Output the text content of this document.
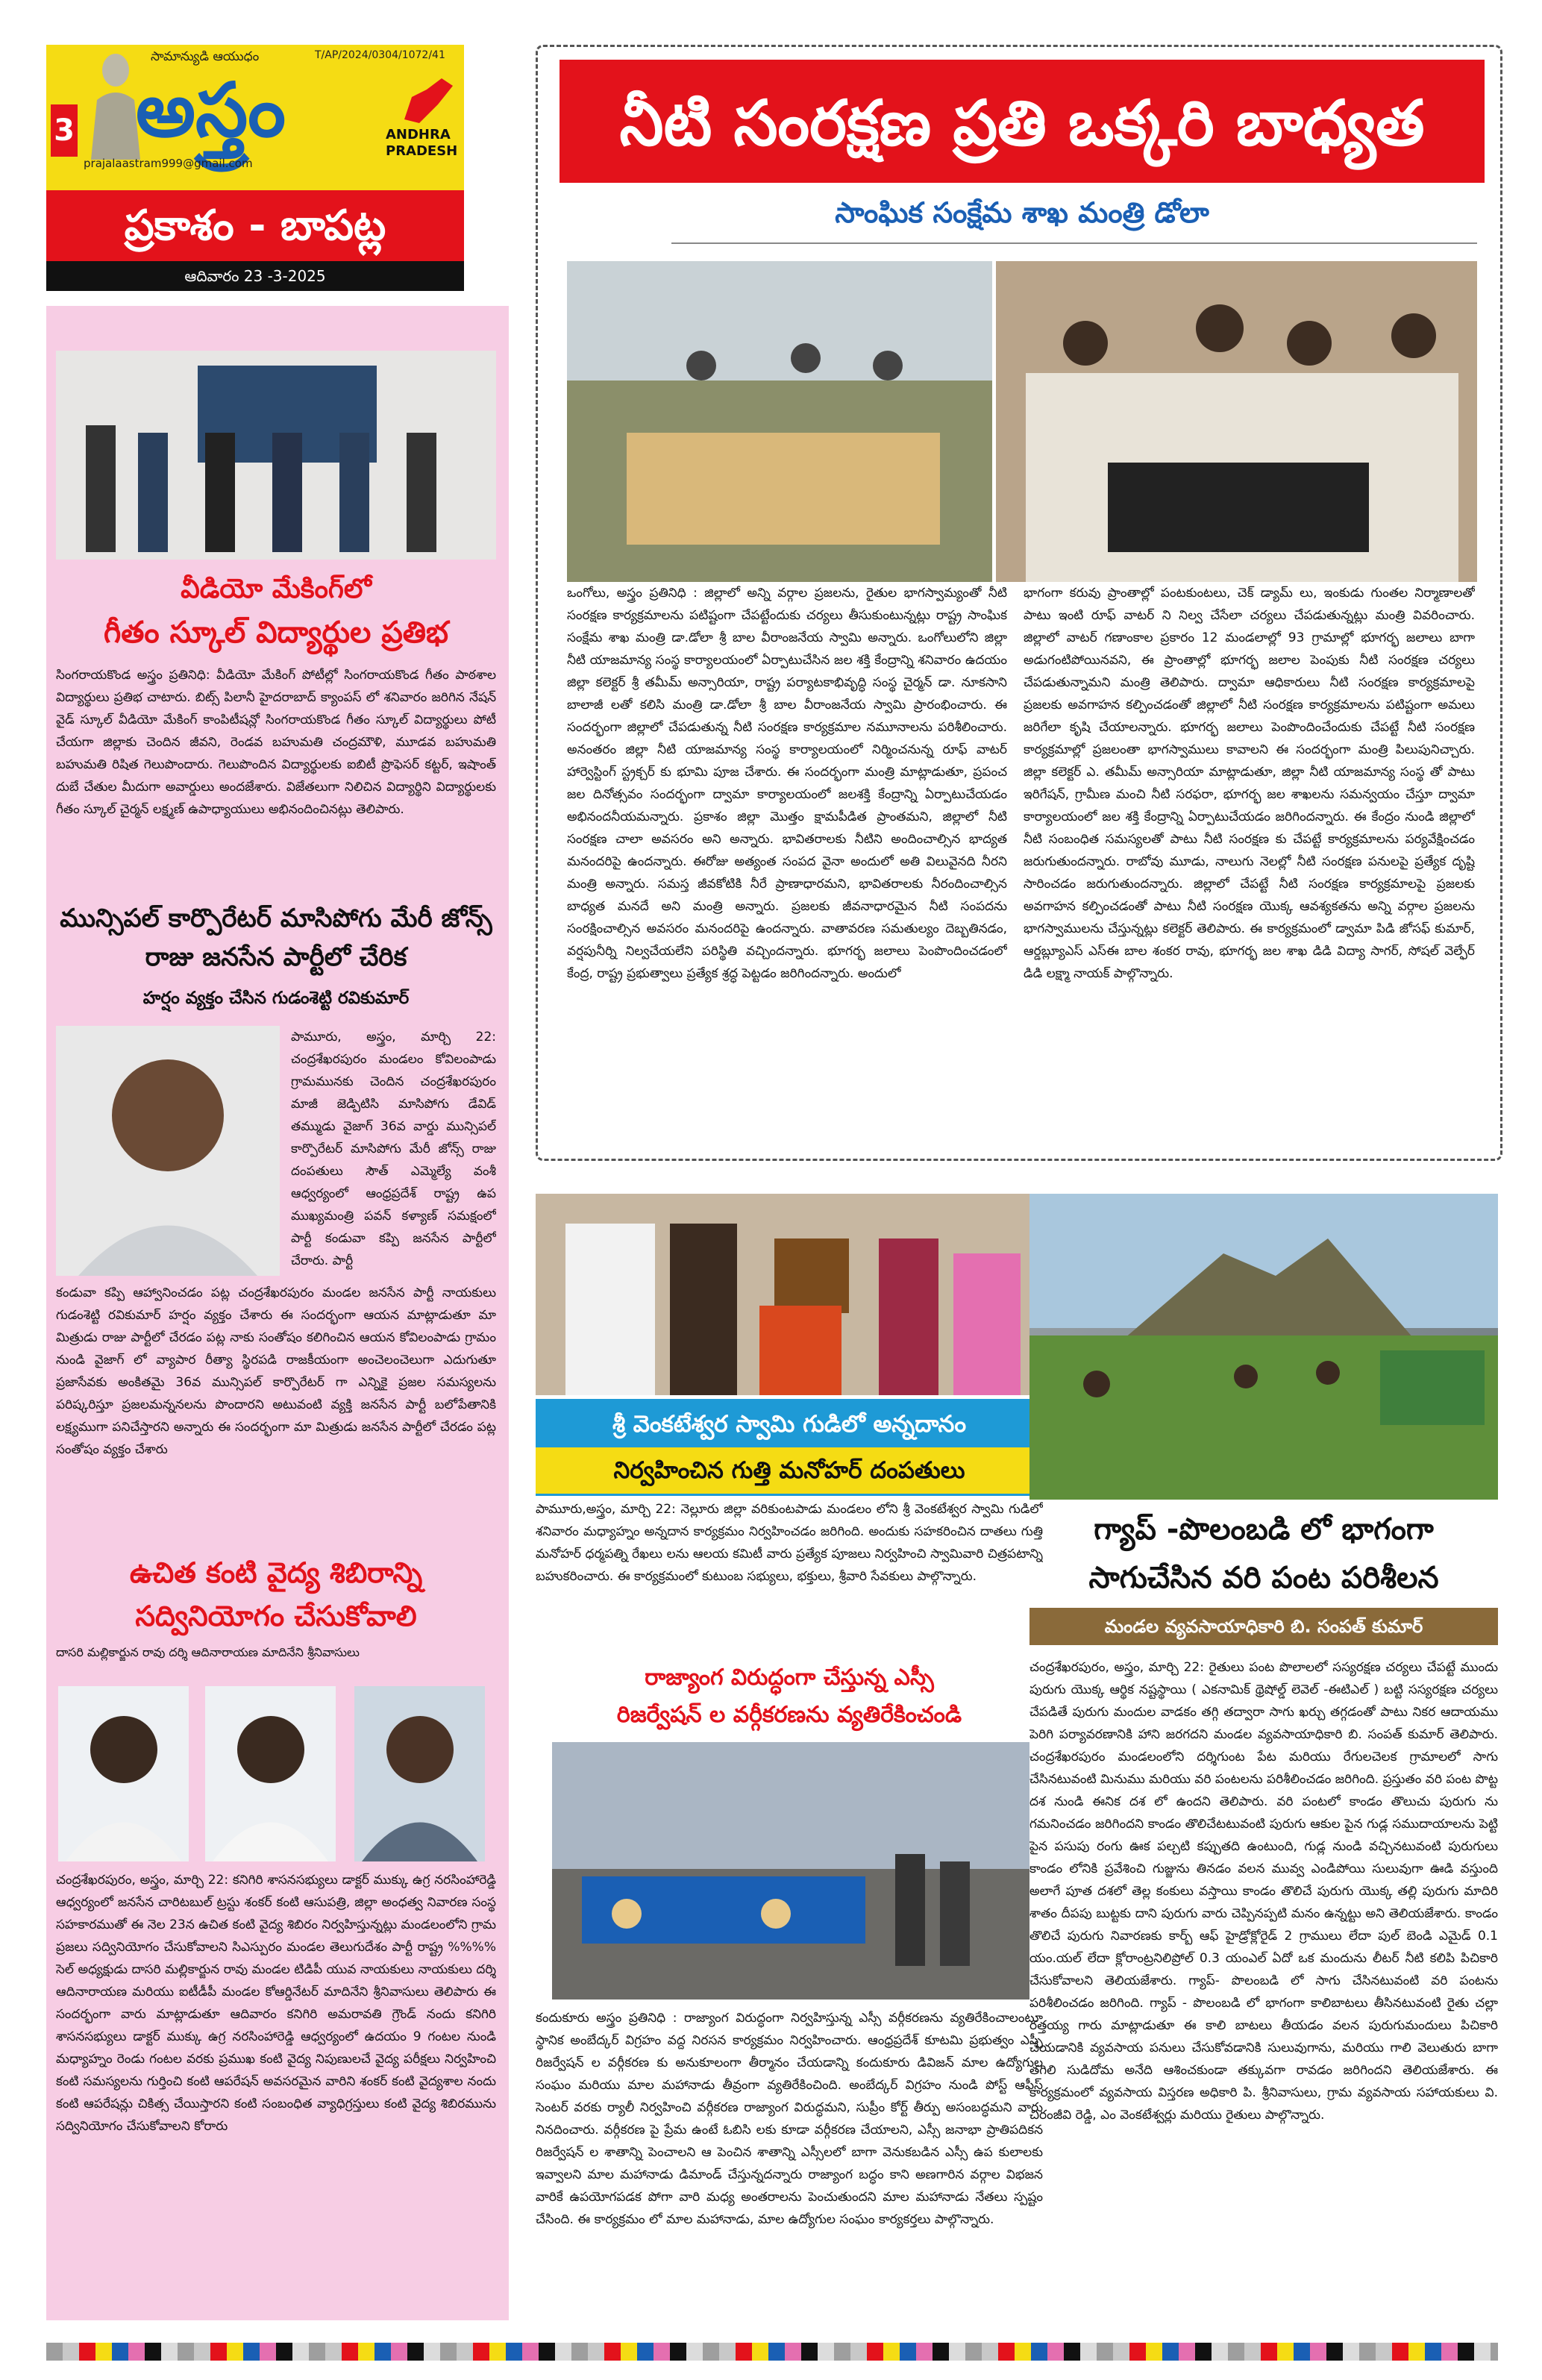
3
సామాన్యుడి ఆయుధం	T/AP/2024/0304/1072/41
అస్త్రం	ANDHRA PRADESH
prajalaastram999@gmail.com
ప్రకాశం - బాపట్ల
ఆదివారం 23 -3-2025
నీటి సంరక్షణ ప్రతి ఒక్కరి బాధ్యత
సాంఘిక సంక్షేమ శాఖ మంత్రి డోలా
ఒంగోలు, అస్త్రం ప్రతినిధి : జిల్లాలో అన్ని వర్గాల ప్రజలను, రైతుల భాగస్వామ్యంతో నీటి సంరక్షణ కార్యక్రమాలను పటిష్టంగా చేపట్టేందుకు చర్యలు తీసుకుంటున్నట్లు రాష్ట్ర సాంఘిక సంక్షేమ శాఖ మంత్రి డా.డోలా శ్రీ బాల వీరాంజనేయ స్వామి అన్నారు. ఒంగోలులోని జిల్లా నీటి యాజమాన్య సంస్థ కార్యాలయంలో ఏర్పాటుచేసిన జల శక్తి కేంద్రాన్ని శనివారం ఉదయం జిల్లా కలెక్టర్ శ్రీ తమీమ్ అన్సారియా, రాష్ట్ర పర్యాటకాభివృద్ధి సంస్థ చైర్మన్ డా. నూకసాని బాలాజీ లతో కలిసి మంత్రి డా.డోలా శ్రీ బాల వీరాంజనేయ స్వామి ప్రారంభించారు. ఈ సందర్భంగా జిల్లాలో చేపడుతున్న నీటి సంరక్షణ కార్యక్రమాల నమూనాలను పరిశీలించారు. అనంతరం జిల్లా నీటి యాజమాన్య సంస్థ కార్యాలయంలో నిర్మించనున్న రూఫ్ వాటర్ హార్వెస్టింగ్ స్ట్రక్చర్ కు భూమి పూజ చేశారు. ఈ సందర్భంగా మంత్రి మాట్లాడుతూ, ప్రపంచ జల దినోత్సవం సందర్భంగా ద్వామా కార్యాలయంలో జలశక్తి కేంద్రాన్ని ఏర్పాటుచేయడం అభినందనీయమన్నారు. ప్రకాశం జిల్లా మొత్తం క్షామపీడిత ప్రాంతమని, జిల్లాలో నీటి సంరక్షణ చాలా అవసరం అని అన్నారు. భావితరాలకు నీటిని అందించాల్సిన భాద్యత మనందరిపై ఉందన్నారు. ఈరోజు అత్యంత సంపద వైనా అందులో అతి విలువైనది నీరని మంత్రి అన్నారు. సమస్త జీవకోటికి నీరే ప్రాణాధారమని, భావితరాలకు నీరందించాల్సిన బాధ్యత మనదే అని మంత్రి అన్నారు. ప్రజలకు జీవనాధారమైన నీటి సంపదను సంరక్షించాల్సిన అవసరం మనందరిపై ఉందన్నారు. వాతావరణ సమతుల్యం దెబ్బతినడం, వర్షపునీర్ని నిల్వచేయలేని పరిస్థితి వచ్చిందన్నారు. భూగర్భ జలాలు పెంపొందించడంలో కేంద్ర, రాష్ట్ర ప్రభుత్వాలు ప్రత్యేక శ్రద్ధ పెట్టడం జరిగిందన్నారు. అందులో
భాగంగా కరువు ప్రాంతాల్లో పంటకుంటలు, చెక్ డ్యామ్ లు, ఇంకుడు గుంతల నిర్మాణాలతో పాటు ఇంటి రూఫ్ వాటర్ ని నిల్వ చేసేలా చర్యలు చేపడుతున్నట్లు మంత్రి వివరించారు. జిల్లాలో వాటర్ గణాంకాల ప్రకారం 12 మండలాల్లో 93 గ్రామాల్లో భూగర్భ జలాలు బాగా అడుగంటిపోయినవని, ఈ ప్రాంతాల్లో భూగర్భ జలాల పెంపుకు నీటి సంరక్షణ చర్యలు చేపడుతున్నామని మంత్రి తెలిపారు. ద్వామా ఆధికారులు నీటి సంరక్షణ కార్యక్రమాలపై ప్రజలకు అవగాహన కల్పించడంతో జిల్లాలో నీటి సంరక్షణ కార్యక్రమాలను పటిష్టంగా అమలు జరిగేలా కృషి చేయాలన్నారు. భూగర్భ జలాలు పెంపొందించేందుకు చేపట్టే నీటి సంరక్షణ కార్యక్రమాల్లో ప్రజలంతా భాగస్వాములు కావాలని ఈ సందర్భంగా మంత్రి పిలుపునిచ్చారు. జిల్లా కలెక్టర్ ఎ. తమీమ్ అన్సారియా మాట్లాడుతూ, జిల్లా నీటి యాజమాన్య సంస్థ తో పాటు ఇరిగేషన్, గ్రామీణ మంచి నీటి సరఫరా, భూగర్భ జల శాఖలను సమన్వయం చేస్తూ ద్వామా కార్యాలయంలో జల శక్తి కేంద్రాన్ని ఏర్పాటుచేయడం జరిగిందన్నారు. ఈ కేంద్రం నుండి జిల్లాలో నీటి సంబంధిత సమస్యలతో పాటు నీటి సంరక్షణ కు చేపట్టే కార్యక్రమాలను పర్యవేక్షించడం జరుగుతుందన్నారు. రాబోవు మూడు, నాలుగు నెలల్లో నీటి సంరక్షణ పనులపై ప్రత్యేక దృష్టి సారించడం జరుగుతుందన్నారు. జిల్లాలో చేపట్టే నీటి సంరక్షణ కార్యక్రమాలపై ప్రజలకు అవగాహన కల్పించడంతో పాటు నీటి సంరక్షణ యొక్క ఆవశ్యకతను అన్ని వర్గాల ప్రజలను భాగస్వాములను చేస్తున్నట్లు కలెక్టర్ తెలిపారు. ఈ కార్యక్రమంలో డ్వామా పిడి జోసఫ్ కుమార్, ఆర్డబ్ల్యూఎస్ ఎస్ఈ బాల శంకర రావు, భూగర్భ జల శాఖ డిడి విద్యా సాగర్, సోషల్ వెల్ఫేర్ డిడి లక్ష్మా నాయక్ పాల్గొన్నారు.
వీడియో మేకింగ్‌లో
గీతం స్కూల్ విద్యార్థుల ప్రతిభ
సింగరాయకొండ అస్త్రం ప్రతినిధి: వీడియో మేకింగ్ పోటీల్లో సింగరాయకొండ గీతం పాఠశాల విద్యార్థులు ప్రతిభ చాటారు. బిట్స్ పిలానీ హైదరాబాద్ క్యాంపస్ లో శనివారం జరిగిన నేషన్ వైడ్ స్కూల్ వీడియో మేకింగ్ కాంపిటీషన్లో సింగరాయకొండ గీతం స్కూల్ విద్యార్థులు పోటీ చేయగా జిల్లాకు చెందిన జీవని, రెండవ బహుమతి చంద్రమౌళి, మూడవ బహుమతి బహుమతి రిషిత గెలుపొందారు. గెలుపొందిన విద్యార్థులకు ఐబిటీ ప్రొఫెసర్ కట్టర్, ఇషాంత్ దుబే చేతుల మీదుగా అవార్డులు అందజేశారు. విజేతలుగా నిలిచిన విద్యార్థిని విద్యార్థులకు గీతం స్కూల్ చైర్మన్ లక్ష్మణ్ ఉపాధ్యాయులు అభినందించినట్లు తెలిపారు.
మున్సిపల్ కార్పొరేటర్ మాసిపోగు మేరీ జోన్స్ రాజు జనసేన పార్టీలో చేరిక
హర్షం వ్యక్తం చేసిన గుడంశెట్టి రవికుమార్
పామూరు, అస్త్రం, మార్చి 22: చంద్రశేఖరపురం మండలం కోవిలంపాడు గ్రామమునకు చెందిన చంద్రశేఖరపురం మాజీ జెడ్పిటిసి మాసిపోగు డేవిడ్ తమ్ముడు వైజాగ్ 36వ వార్డు మున్సిపల్ కార్పొరేటర్ మాసిపోగు మేరీ జోన్స్ రాజు దంపతులు సౌత్ ఎమ్మెల్యే వంశీ ఆధ్వర్యంలో ఆంధ్రప్రదేశ్ రాష్ట్ర ఉప ముఖ్యమంత్రి పవన్ కళ్యాణ్ సమక్షంలో పార్టీ కండువా కప్పి జనసేన పార్టీలో చేరారు. పార్టీ
కండువా కప్పి ఆహ్వానించడం పట్ల చంద్రశేఖరపురం మండల జనసేన పార్టీ నాయకులు గుడంశెట్టి రవికుమార్ హర్షం వ్యక్తం చేశారు ఈ సందర్భంగా ఆయన మాట్లాడుతూ మా మిత్రుడు రాజు పార్టీలో చేరడం పట్ల నాకు సంతోషం కలిగించిన ఆయన కోవిలంపాడు గ్రామం నుండి వైజాగ్ లో వ్యాపార రీత్యా స్థిరపడి రాజకీయంగా అంచెలంచెలుగా ఎదుగుతూ ప్రజాసేవకు అంకితమై 36వ మున్సిపల్ కార్పొరేటర్ గా ఎన్నికై ప్రజల సమస్యలను పరిష్కరిస్తూ ప్రజలమన్ననలను పొందారని అటువంటి వ్యక్తి జనసేన పార్టీ బలోపేతానికి లక్ష్యముగా పనిచేస్తారని అన్నారు ఈ సందర్భంగా మా మిత్రుడు జనసేన పార్టీలో చేరడం పట్ల సంతోషం వ్యక్తం చేశారు
ఉచిత కంటి వైద్య శిబిరాన్ని
సద్వినియోగం చేసుకోవాలి
దాసరి మల్లికార్జున రావు దర్శి ఆదినారాయణ మాదినేని శ్రీనివాసులు
చంద్రశేఖరపురం, అస్త్రం, మార్చి 22: కనిగిరి శాసనసభ్యులు డాక్టర్ ముక్కు ఉగ్ర నరసింహారెడ్డి ఆధ్వర్యంలో జనసేన చారిటబుల్ ట్రస్టు శంకర్ కంటి ఆసుపత్రి, జిల్లా అంధత్వ నివారణ సంస్థ సహకారముతో ఈ నెల 23న ఉచిత కంటి వైద్య శిబిరం నిర్వహిస్తున్నట్లు మండలంలోని గ్రామ ప్రజలు సద్వినియోగం చేసుకోవాలని సిఎస్పురం మండల తెలుగుదేశం పార్టీ రాష్ట్ర %%%% సెల్ అధ్యక్షుడు దాసరి మల్లికార్జున రావు మండల టిడిపీ యువ నాయకులు నాయకులు దర్శి ఆదినారాయణ మరియు ఐటీడీపీ మండల కోఆర్డినేటర్ మాదినేని శ్రీనివాసులు తెలిపారు ఈ సందర్భంగా వారు మాట్లాడుతూ ఆదివారం కనిగిరి అమరావతి గ్రౌండ్ నందు కనిగిరి శాసనసభ్యులు డాక్టర్ ముక్కు ఉగ్ర నరసింహారెడ్డి ఆధ్వర్యంలో ఉదయం 9 గంటల నుండి మధ్యాహ్నం రెండు గంటల వరకు ప్రముఖ కంటి వైద్య నిపుణులచే వైద్య పరీక్షలు నిర్వహించి కంటి సమస్యలను గుర్తించి కంటి ఆపరేషన్ అవసరమైన వారిని శంకర్ కంటి వైద్యశాల నందు కంటి ఆపరేషన్లు చికిత్స చేయిస్తారని కంటి సంబంధిత వ్యాధిగ్రస్తులు కంటి వైద్య శిబిరమును సద్వినియోగం చేసుకోవాలని కోరారు
శ్రీ వెంకటేశ్వర స్వామి గుడిలో అన్నదానం
నిర్వహించిన గుత్తి మనోహర్ దంపతులు
పామూరు,అస్త్రం, మార్చి 22: నెల్లూరు జిల్లా వరికుంటపాడు మండలం లోని శ్రీ వెంకటేశ్వర స్వామి గుడిలో శనివారం మధ్యాహ్నం అన్నదాన కార్యక్రమం నిర్వహించడం జరిగింది. అందుకు సహకరించిన దాతలు గుత్తి మనోహర్ ధర్మపత్ని రేఖలు లను ఆలయ కమిటీ వారు ప్రత్యేక పూజలు నిర్వహించి స్వామివారి చిత్రపటాన్ని బహుకరించారు. ఈ కార్యక్రమంలో కుటుంబ సభ్యులు, భక్తులు, శ్రీవారి సేవకులు పాల్గొన్నారు.
రాజ్యాంగ విరుద్ధంగా చేస్తున్న ఎస్సీ
రిజర్వేషన్ ల వర్గీకరణను వ్యతిరేకించండి
కందుకూరు అస్త్రం ప్రతినిధి : రాజ్యాంగ విరుద్ధంగా నిర్వహిస్తున్న ఎస్సీ వర్గీకరణను వ్యతిరేకించాలంటూ స్థానిక అంబేద్కర్ విగ్రహం వద్ద నిరసన కార్యక్రమం నిర్వహించారు. ఆంధ్రప్రదేశ్ కూటమి ప్రభుత్వం ఎస్సీ రిజర్వేషన్ ల వర్గీకరణ కు అనుకూలంగా తీర్మానం చేయడాన్ని కందుకూరు డివిజన్ మాల ఉద్యోగుల సంఘం మరియు మాల మహానాడు తీవ్రంగా వ్యతిరేకించింది. అంబేద్కర్ విగ్రహం నుండి పోస్ట్ ఆఫీస్ సెంటర్ వరకు ర్యాలీ నిర్వహించి వర్గీకరణ రాజ్యాంగ విరుద్ధమని, సుప్రీం కోర్ట్ తీర్పు అసంబద్ధమని వారు నినదించారు. వర్గీకరణ పై ప్రేమ ఉంటే ఓబిసి లకు కూడా వర్గీకరణ చేయాలని, ఎస్సీ జనాభా ప్రాతిపదికన రిజర్వేషన్ ల శాతాన్ని పెంచాలని ఆ పెంచిన శాతాన్ని ఎస్సీలలో బాగా వెనుకబడిన ఎస్సీ ఉప కులాలకు ఇవ్వాలని మాల మహానాడు డిమాండ్ చేస్తున్నదన్నారు రాజ్యాంగ బద్ధం కాని అణగారిన వర్గాల విభజన వారికే ఉపయోగపడక పోగా వారి మధ్య అంతరాలను పెంచుతుందని మాల మహానాడు నేతలు స్పష్టం చేసింది. ఈ కార్యక్రమం లో మాల మహానాడు, మాల ఉద్యోగుల సంఘం కార్యకర్తలు పాల్గొన్నారు.
గ్యాప్ -పొలంబడి లో భాగంగా
సాగుచేసిన వరి పంట పరిశీలన
మండల వ్యవసాయాధికారి బి. సంపత్ కుమార్
చంద్రశేఖరపురం, అస్త్రం, మార్చి 22: రైతులు పంట పొలాలలో సస్యరక్షణ చర్యలు చేపట్టే ముందు పురుగు యొక్క ఆర్థిక నష్టస్థాయి ( ఎకనామిక్ థ్రెషోల్డ్ లెవెల్ -ఈటిఎల్ ) బట్టి సస్యరక్షణ చర్యలు చేపడితే పురుగు మందుల వాడకం తగ్గి తద్వారా సాగు ఖర్చు తగ్గడంతో పాటు నికర ఆదాయము పెరిగి పర్యావరణానికి హాని జరగదని మండల వ్యవసాయాధికారి బి. సంపత్ కుమార్ తెలిపారు. చంద్రశేఖరపురం మండలంలోని దర్శిగుంట పేట మరియు రేగులచెలక గ్రామాలలో సాగు చేసినటువంటి మినుము మరియు వరి పంటలను పరిశీలించడం జరిగింది. ప్రస్తుతం వరి పంట పొట్ట దశ నుండి ఈనిక దశ లో ఉందని తెలిపారు. వరి పంటలో కాండం తొలుచు పురుగు ను గమనించడం జరిగిందని కాండం తొలిచేటటువంటి పురుగు ఆకుల పైన గుడ్ల సముదాయాలను పెట్టి పైన పసుపు రంగు ఊక పల్చటి కప్పుతది ఉంటుంది, గుడ్ల నుండి వచ్చినటువంటి పురుగులు కాండం లోనికి ప్రవేశించి గుజ్జును తినడం వలన మువ్వ ఎండిపోయి సులువుగా ఊడి వస్తుంది అలాగే పూత దశలో తెల్ల కంకులు వస్తాయి కాండం తొలిచే పురుగు యొక్క తల్లి పురుగు మాదిరి శాతం దీపపు బుట్టకు దాని పురుగు వారు చెప్పినప్పటి మనం ఉన్నట్టు అని తెలియజేశారు. కాండం తొలిచే పురుగు నివారణకు కార్బ్ ఆఫ్ హైడ్రోక్లోరైడ్ 2 గ్రాములు లేదా పుల్ బెండి ఎమైడ్ 0.1 యం.యల్ లేదా క్లోరాంట్రనిలిప్రోల్ 0.3 యంఎల్ ఏదో ఒక మందును లీటర్ నీటి కలిపి పిచికారి చేసుకోవాలని తెలియజేశారు. గ్యాప్- పొలంబడి లో సాగు చేసినటువంటి వరి పంటను పరిశీలించడం జరిగింది. గ్యాప్ - పొలంబడి లో భాగంగా కాలిబాటలు తీసినటువంటి రైతు చల్లా రత్తయ్య గారు మాట్లాడుతూ ఈ కాలి బాటలు తీయడం వలన పురుగుమందులు పిచికారి చేయడానికి వ్యవసాయ పనులు చేసుకోవడానికి సులువుగాను, మరియు గాలి వెలుతురు బాగా తగిలి సుడిదోమ అనేది ఆశించకుండా తక్కువగా రావడం జరిగిందని తెలియజేశారు. ఈ కార్యక్రమంలో వ్యవసాయ విస్తరణ అధికారి పి. శ్రీనివాసులు, గ్రామ వ్యవసాయ సహాయకులు వి. చిరంజీవి రెడ్డి, ఎం వెంకటేశ్వర్లు మరియు రైతులు పాల్గొన్నారు.
